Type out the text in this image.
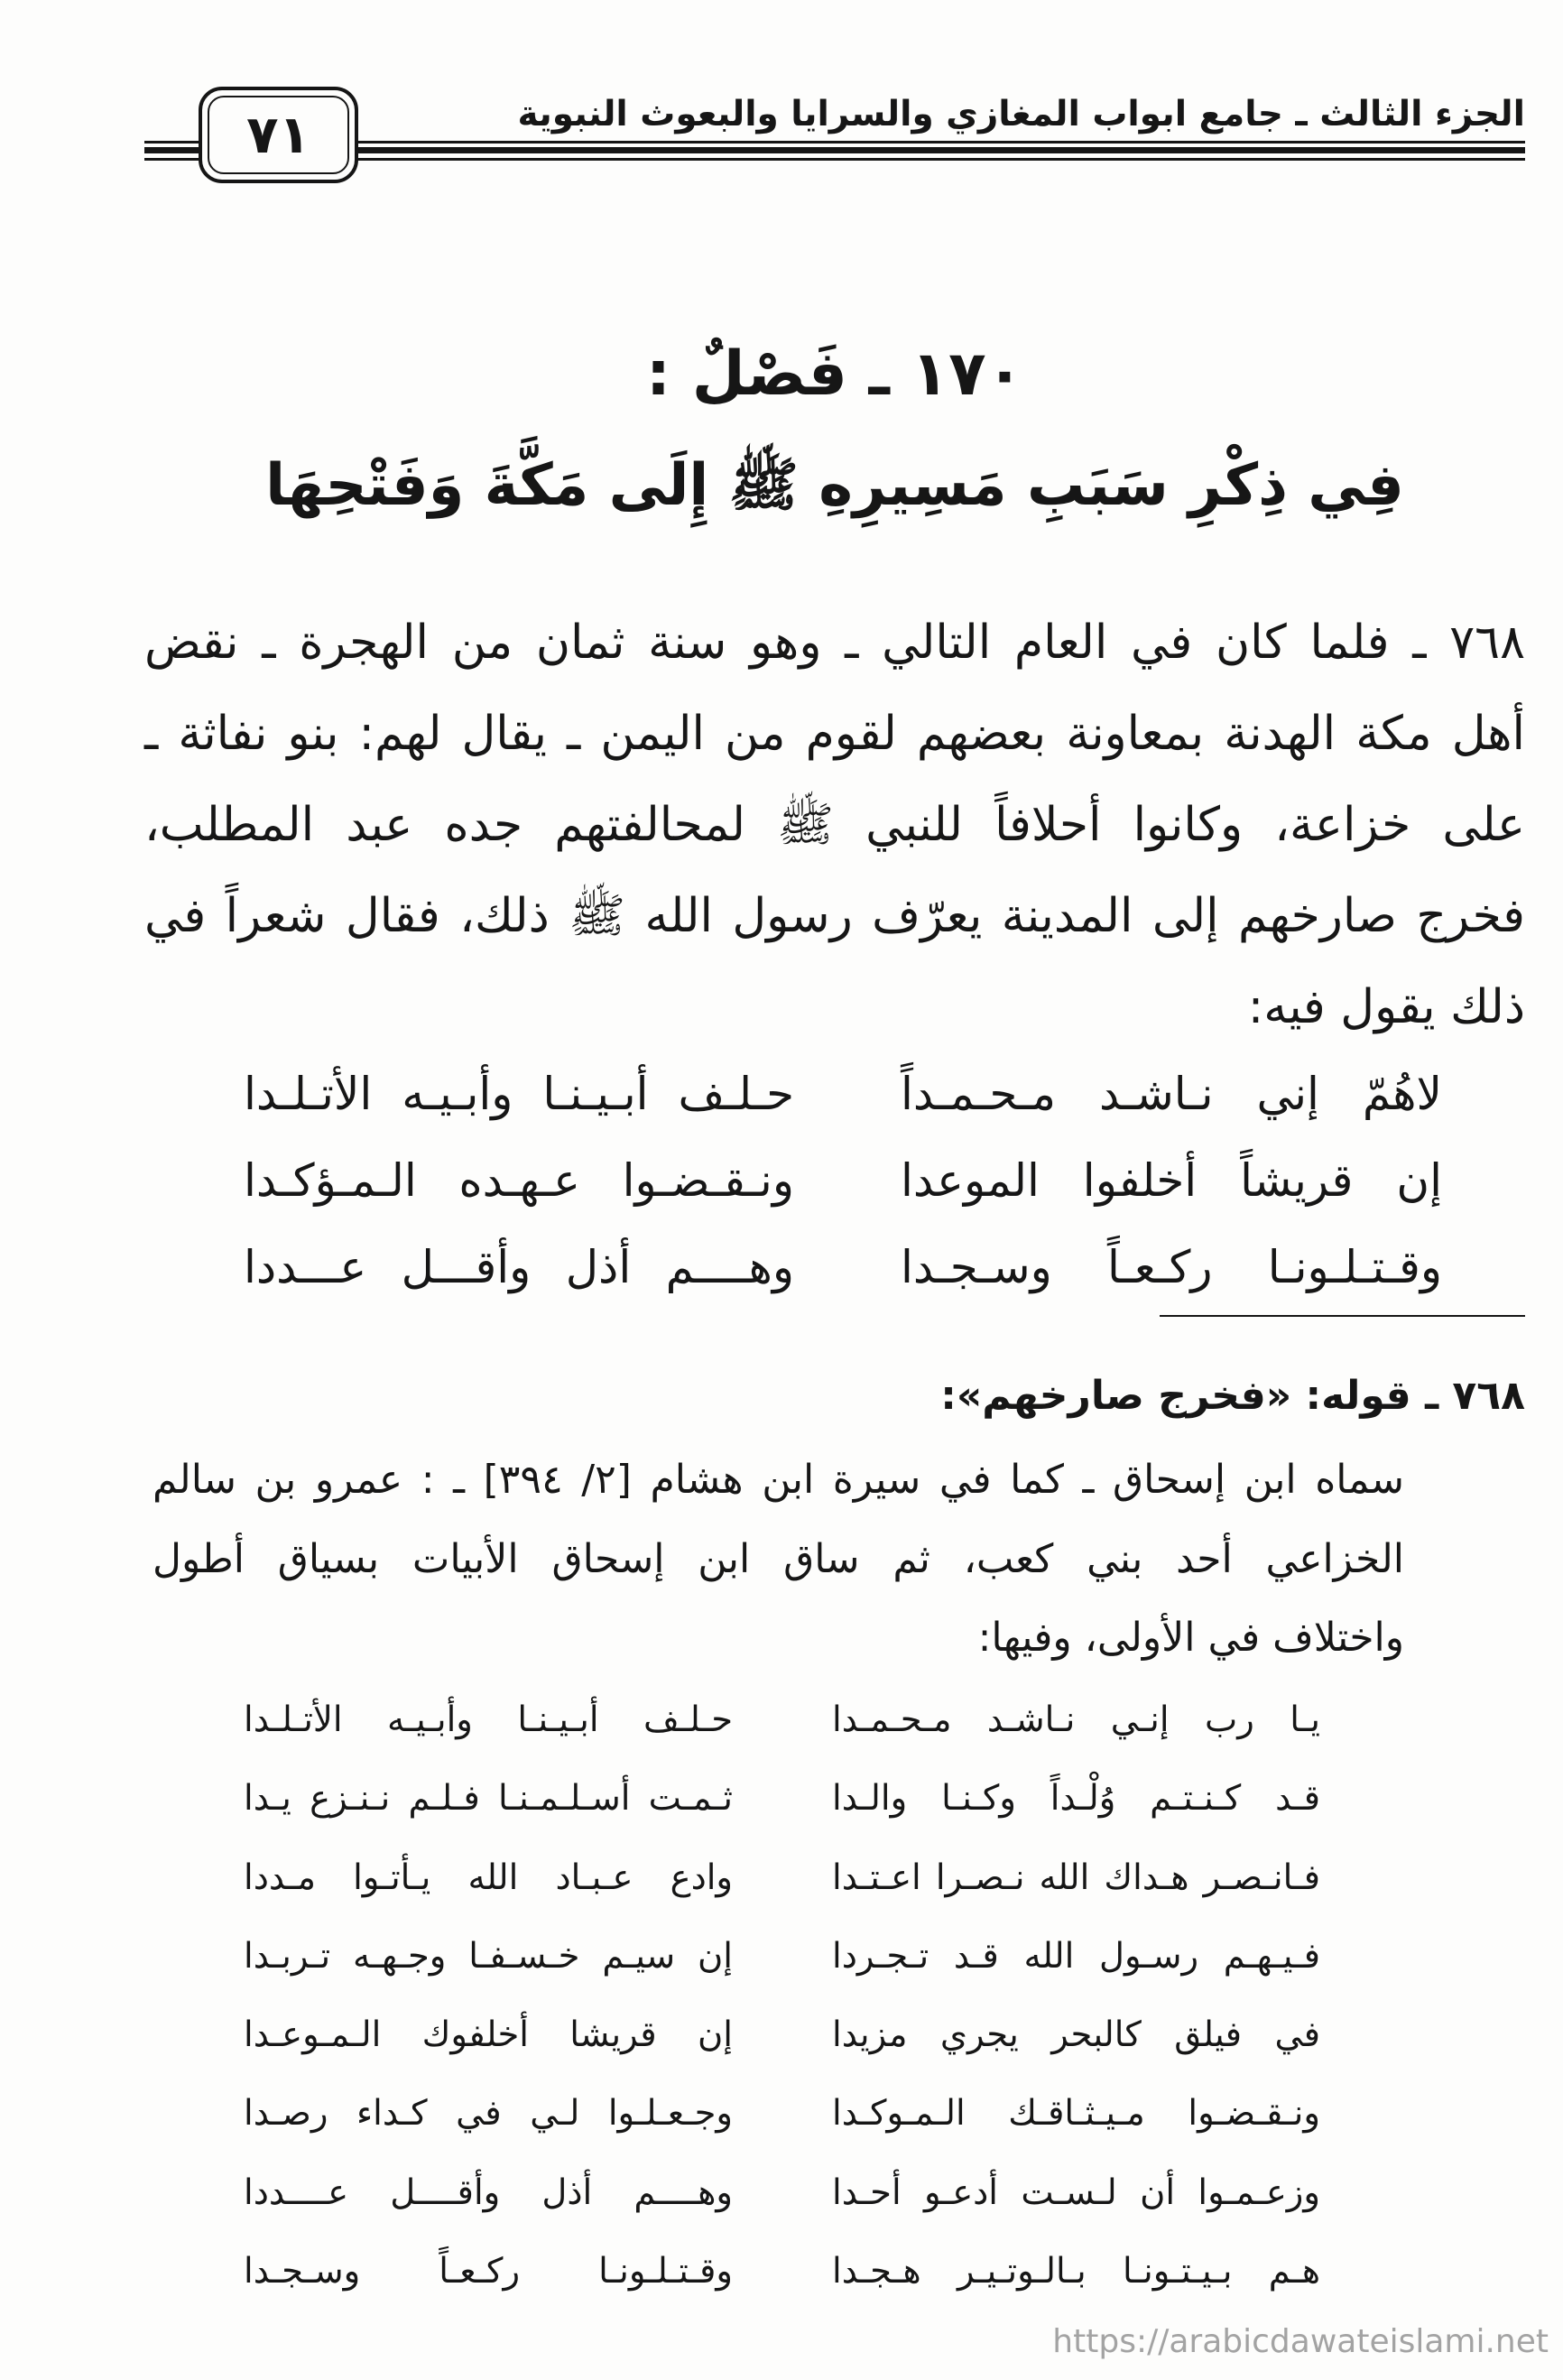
الجزء الثالث ـ جامع ابواب المغازي والسرايا والبعوث النبوية
٧١
١٧٠ ـ فَصْلٌ :
فِي ذِكْرِ سَبَبِ مَسِيرِهِ ﷺ إِلَى مَكَّةَ وَفَتْحِهَا
٧٦٨ ـ فلما كان في العام التالي ـ وهو سنة ثمان من الهجرة ـ نقض
أهل مكة الهدنة بمعاونة بعضهم لقوم من اليمن ـ يقال لهم: بنو نفاثة ـ
على خزاعة، وكانوا أحلافاً للنبي ﷺ لمحالفتهم جده عبد المطلب،
فخرج صارخهم إلى المدينة يعرّف رسول الله ﷺ ذلك، فقال شعراً في
ذلك يقول فيه:
لاهُمّ إني نـاشـد مـحـمـداً
حـلـف أبـيـنـا وأبـيـه الأتـلـدا
إن قريشاً أخلفوا الموعدا
ونـقـضـوا عـهـده الـمـؤكـدا
وقـتـلـونـا ركـعـاً وسـجـدا
وهــــم أذل وأقـــل عـــددا
٧٦٨ ـ قوله: «فخرج صارخهم»:
سماه ابن إسحاق ـ كما في سيرة ابن هشام [٢/ ٣٩٤] ـ : عمرو بن سالم
الخزاعي أحد بني كعب، ثم ساق ابن إسحاق الأبيات بسياق أطول
واختلاف في الأولى، وفيها:
يـا رب إنـي نـاشـد مـحـمـدا
حـلـف أبـيـنـا وأبـيـه الأتـلـدا
قـد كـنـتـم وُلْـداً وكـنـا والـدا
ثـمـت أسـلـمـنـا فـلـم نـنـزع يـدا
فـانـصـر هـداك الله نـصـرا اعـتـدا
وادع عـبـاد الله يـأتـوا مـددا
فـيـهـم رسـول الله قـد تـجـردا
إن سيـم خـسـفـا وجـهـه تـربـدا
في فيلق كالبحر يجري مزيدا
إن قريشا أخلفوك الـمـوعـدا
ونـقـضـوا مـيـثـاقـك الـمـوكـدا
وجـعـلـوا لـي في كـداء رصـدا
وزعـمـوا أن لـسـت أدعـو أحـدا
وهــــم أذل وأقــــل عــــددا
هـم بـيـتـونـا بـالـوتـيـر هـجـدا
وقـتـلـونـا ركـعـاً وسـجـدا
https://arabicdawateislami.net
